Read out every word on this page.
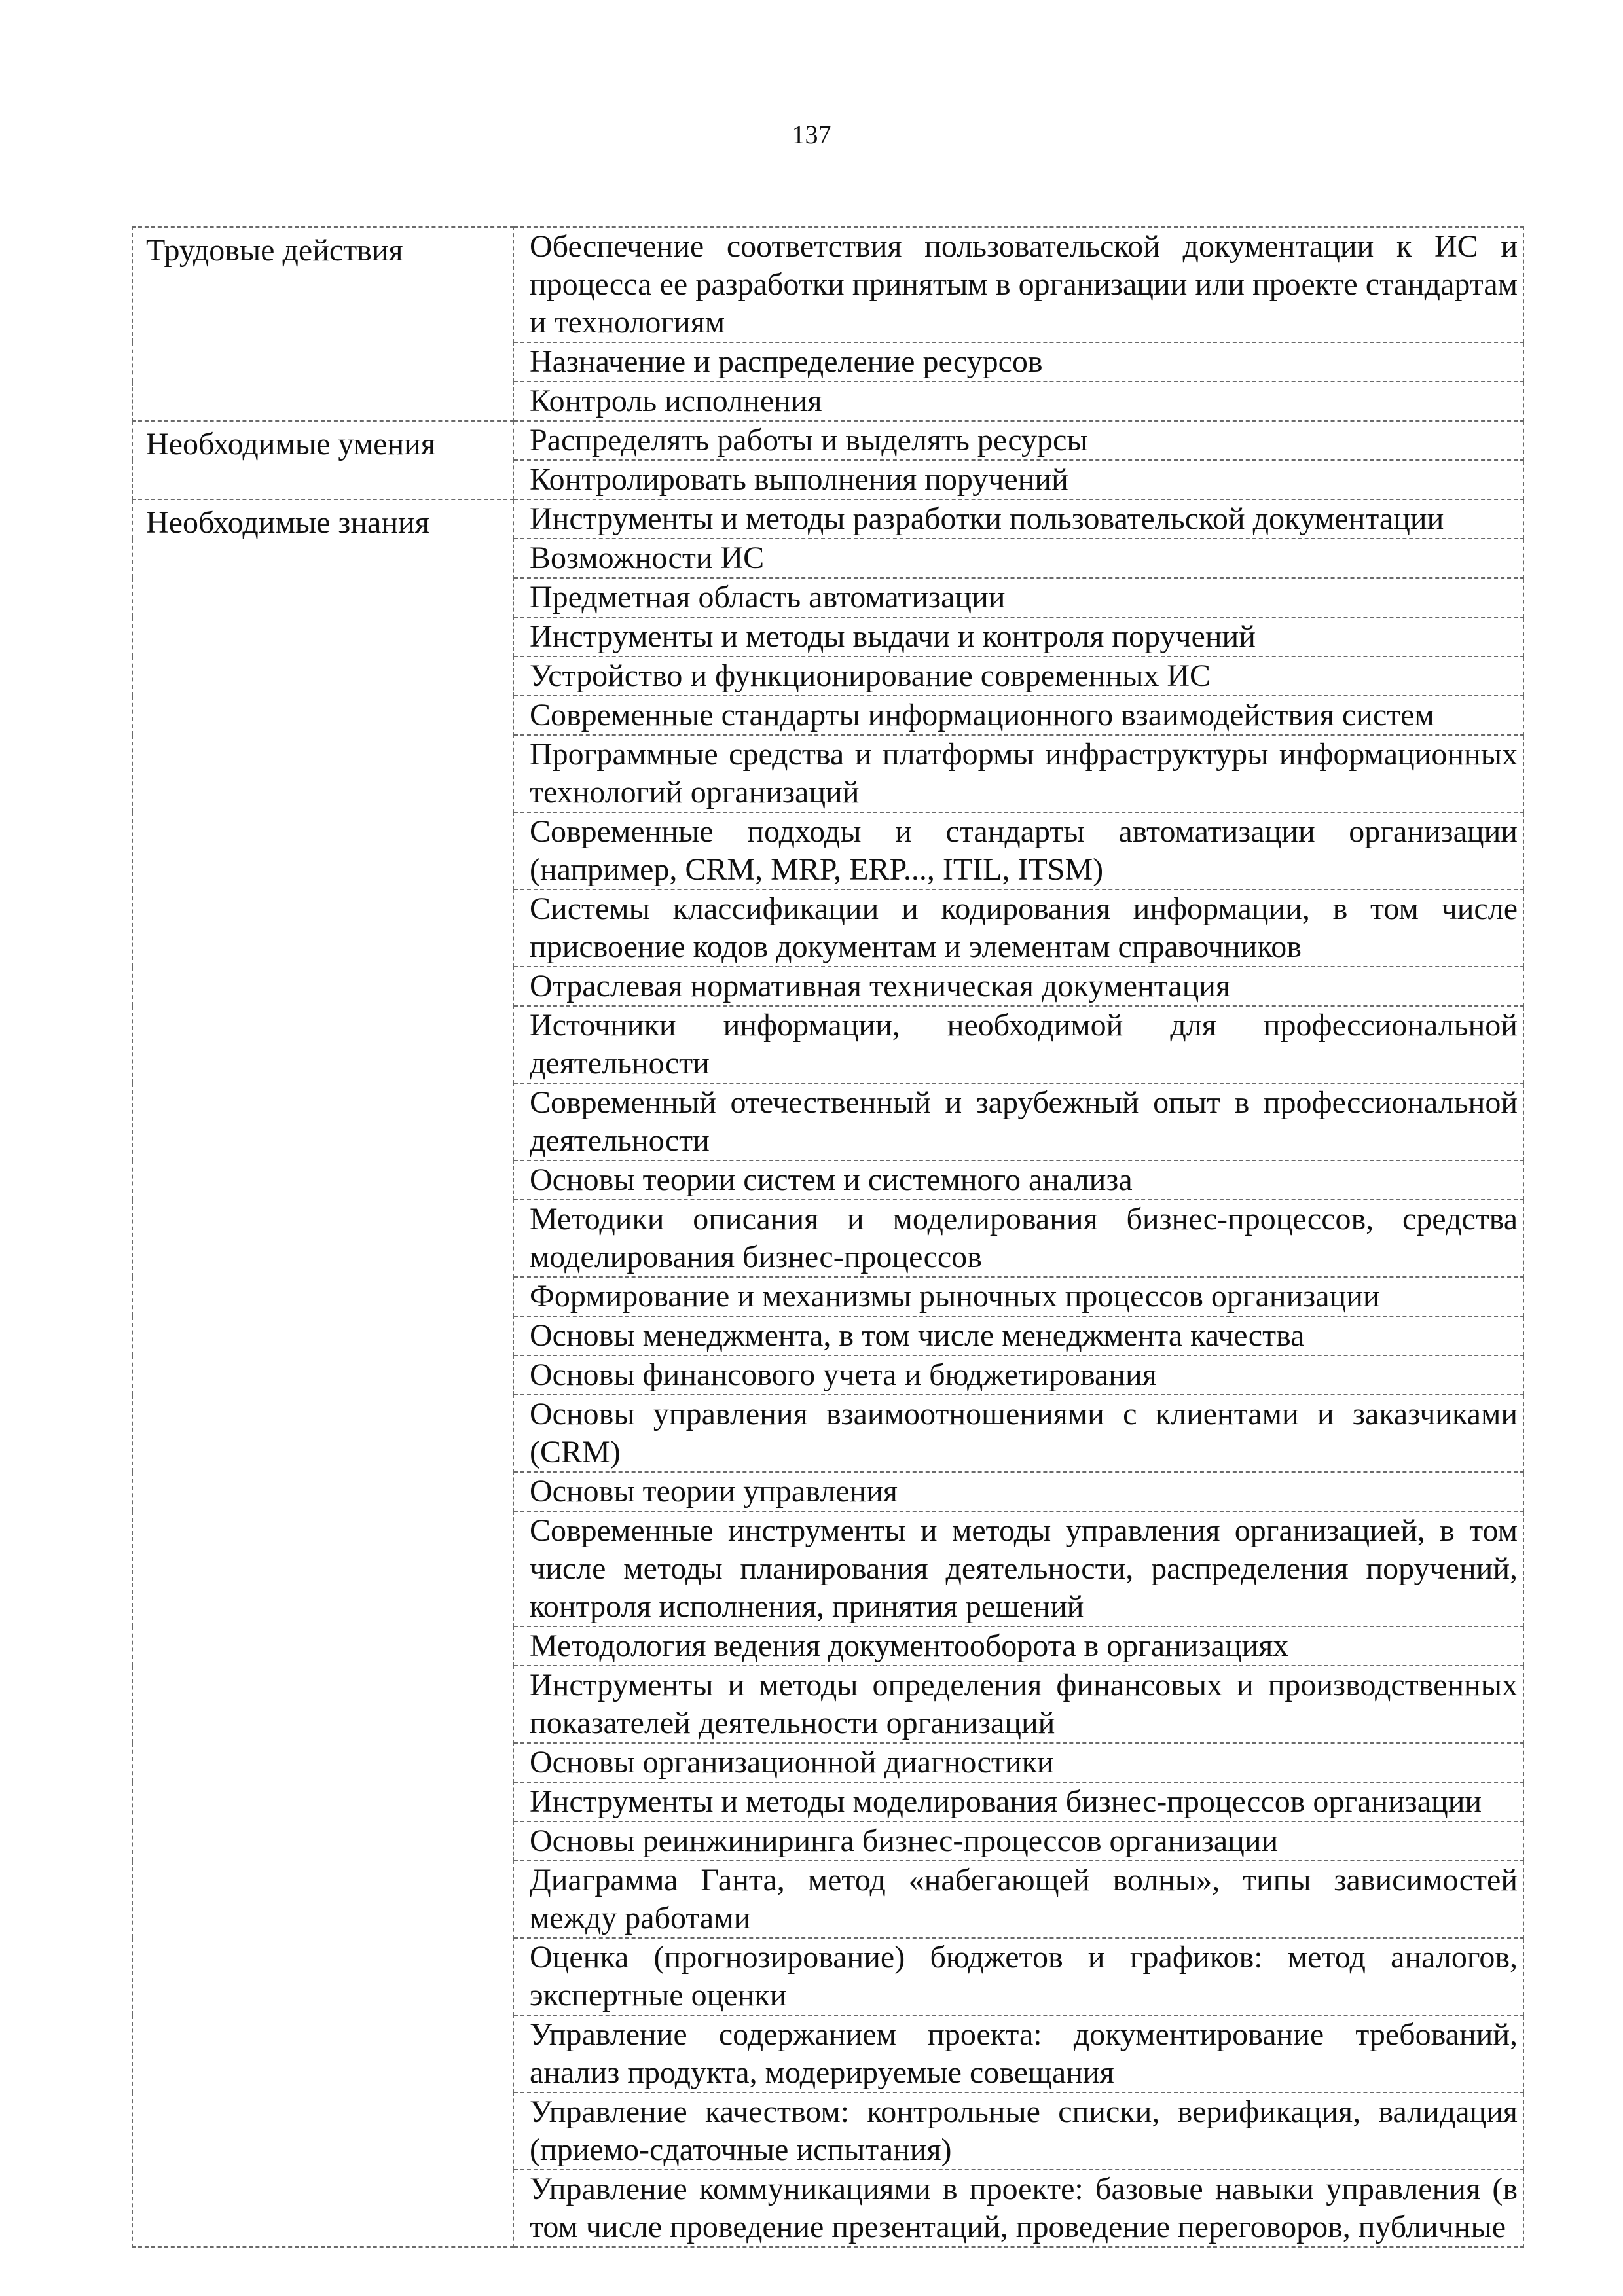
137
Трудовые действия	Обеспечение соответствия пользовательской документации к ИС и процесса ее разработки принятым в организации или проекте стандартам и технологиям

	Назначение и распределение ресурсов

	Контроль исполнения

Необходимые умения	Распределять работы и выделять ресурсы

	Контролировать выполнения поручений

Необходимые знания	Инструменты и методы разработки пользовательской документации

	Возможности ИС

	Предметная область автоматизации

	Инструменты и методы выдачи и контроля поручений

	Устройство и функционирование современных ИС

	Современные стандарты информационного взаимодействия систем

	Программные средства и платформы инфраструктуры информационных технологий организаций

	Современные подходы и стандарты автоматизации организации (например, CRM, MRP, ERP..., ITIL, ITSM)

	Системы классификации и кодирования информации, в том числе присвоение кодов документам и элементам справочников

	Отраслевая нормативная техническая документация

	Источники информации, необходимой для профессиональной деятельности

	Современный отечественный и зарубежный опыт в профессиональной деятельности

	Основы теории систем и системного анализа

	Методики описания и моделирования бизнес-процессов, средства моделирования бизнес-процессов

	Формирование и механизмы рыночных процессов организации

	Основы менеджмента, в том числе менеджмента качества

	Основы финансового учета и бюджетирования

	Основы управления взаимоотношениями с клиентами и заказчиками (CRM)

	Основы теории управления

	Современные инструменты и методы управления организацией, в том числе методы планирования деятельности, распределения поручений, контроля исполнения, принятия решений

	Методология ведения документооборота в организациях

	Инструменты и методы определения финансовых и производственных показателей деятельности организаций

	Основы организационной диагностики

	Инструменты и методы моделирования бизнес-процессов организации

	Основы реинжиниринга бизнес-процессов организации

	Диаграмма Ганта, метод «набегающей волны», типы зависимостей между работами

	Оценка (прогнозирование) бюджетов и графиков: метод аналогов, экспертные оценки

	Управление содержанием проекта: документирование требований, анализ продукта, модерируемые совещания

	Управление качеством: контрольные списки, верификация, валидация (приемо-сдаточные испытания)

	Управление коммуникациями в проекте: базовые навыки управления (в том числе проведение презентаций, проведение переговоров, публичные
